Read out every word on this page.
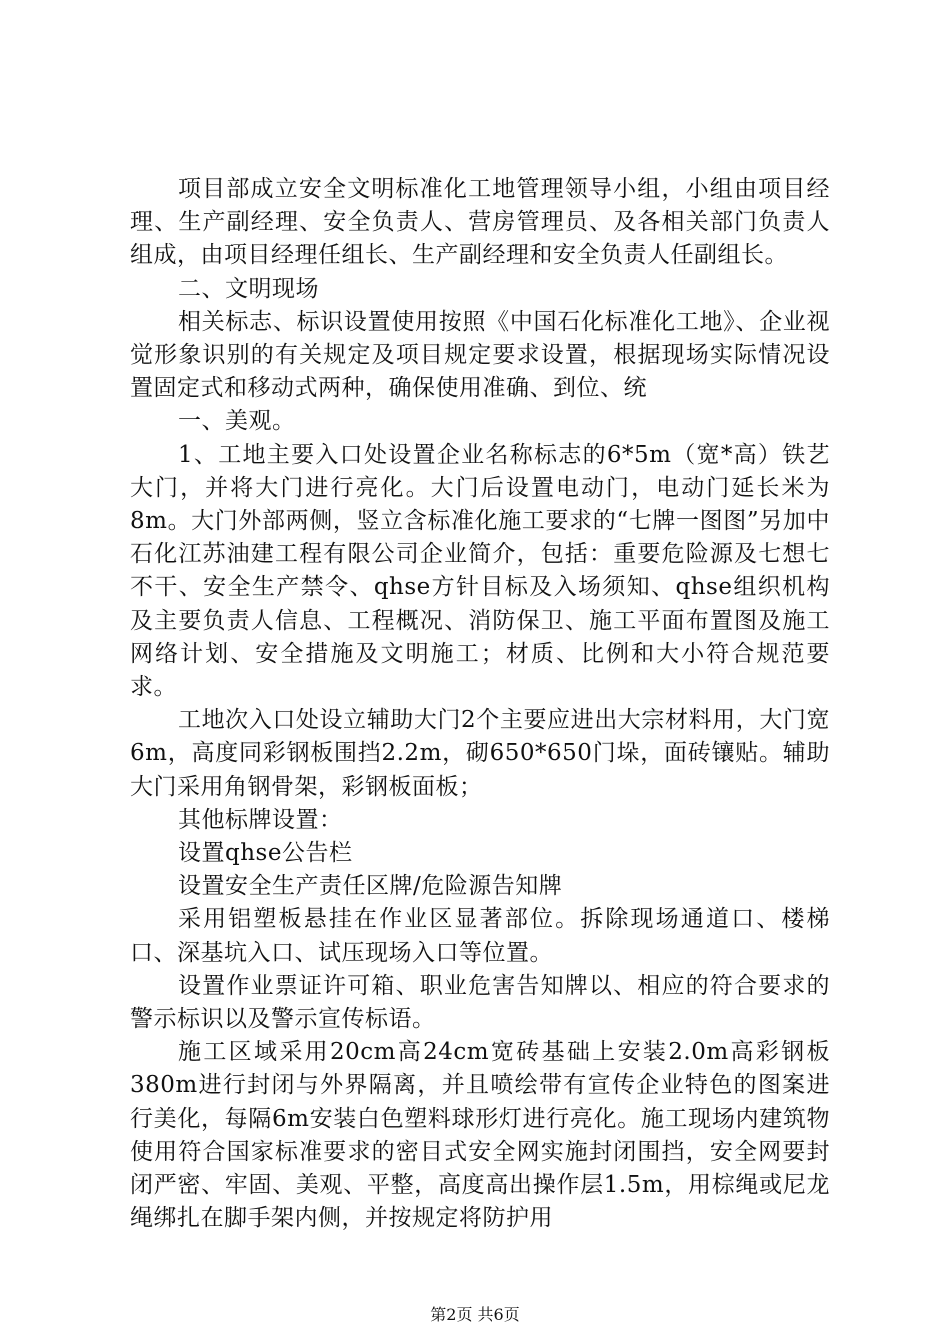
项目部成立安全文明标准化工地管理领导小组，小组由项目经理、生产副经理、安全负责人、营房管理员、及各相关部门负责人组成，由项目经理任组长、生产副经理和安全负责人任副组长。

二、文明现场

相关标志、标识设置使用按照《中国石化标准化工地》、企业视觉形象识别的有关规定及项目规定要求设置，根据现场实际情况设置固定式和移动式两种，确保使用准确、到位、统

一、美观。

1、工地主要入口处设置企业名称标志的6*5m（宽*高）铁艺大门，并将大门进行亮化。大门后设置电动门，电动门延长米为8m。大门外部两侧，竖立含标准化施工要求的“七牌一图图”另加中石化江苏油建工程有限公司企业简介，包括：重要危险源及七想七不干、安全生产禁令、qhse方针目标及入场须知、qhse组织机构及主要负责人信息、工程概况、消防保卫、施工平面布置图及施工网络计划、安全措施及文明施工；材质、比例和大小符合规范要求。

工地次入口处设立辅助大门2个主要应进出大宗材料用，大门宽6m，高度同彩钢板围挡2.2m，砌650*650门垛，面砖镶贴。辅助大门采用角钢骨架，彩钢板面板；

其他标牌设置：

设置qhse公告栏

设置安全生产责任区牌/危险源告知牌

采用铝塑板悬挂在作业区显著部位。拆除现场通道口、楼梯口、深基坑入口、试压现场入口等位置。

设置作业票证许可箱、职业危害告知牌以、相应的符合要求的警示标识以及警示宣传标语。

施工区域采用20cm高24cm宽砖基础上安装2.0m高彩钢板380m进行封闭与外界隔离，并且喷绘带有宣传企业特色的图案进行美化，每隔6m安装白色塑料球形灯进行亮化。施工现场内建筑物使用符合国家标准要求的密目式安全网实施封闭围挡，安全网要封闭严密、牢固、美观、平整，高度高出操作层1.5m，用棕绳或尼龙绳绑扎在脚手架内侧，并按规定将防护用

第2页 共6页
